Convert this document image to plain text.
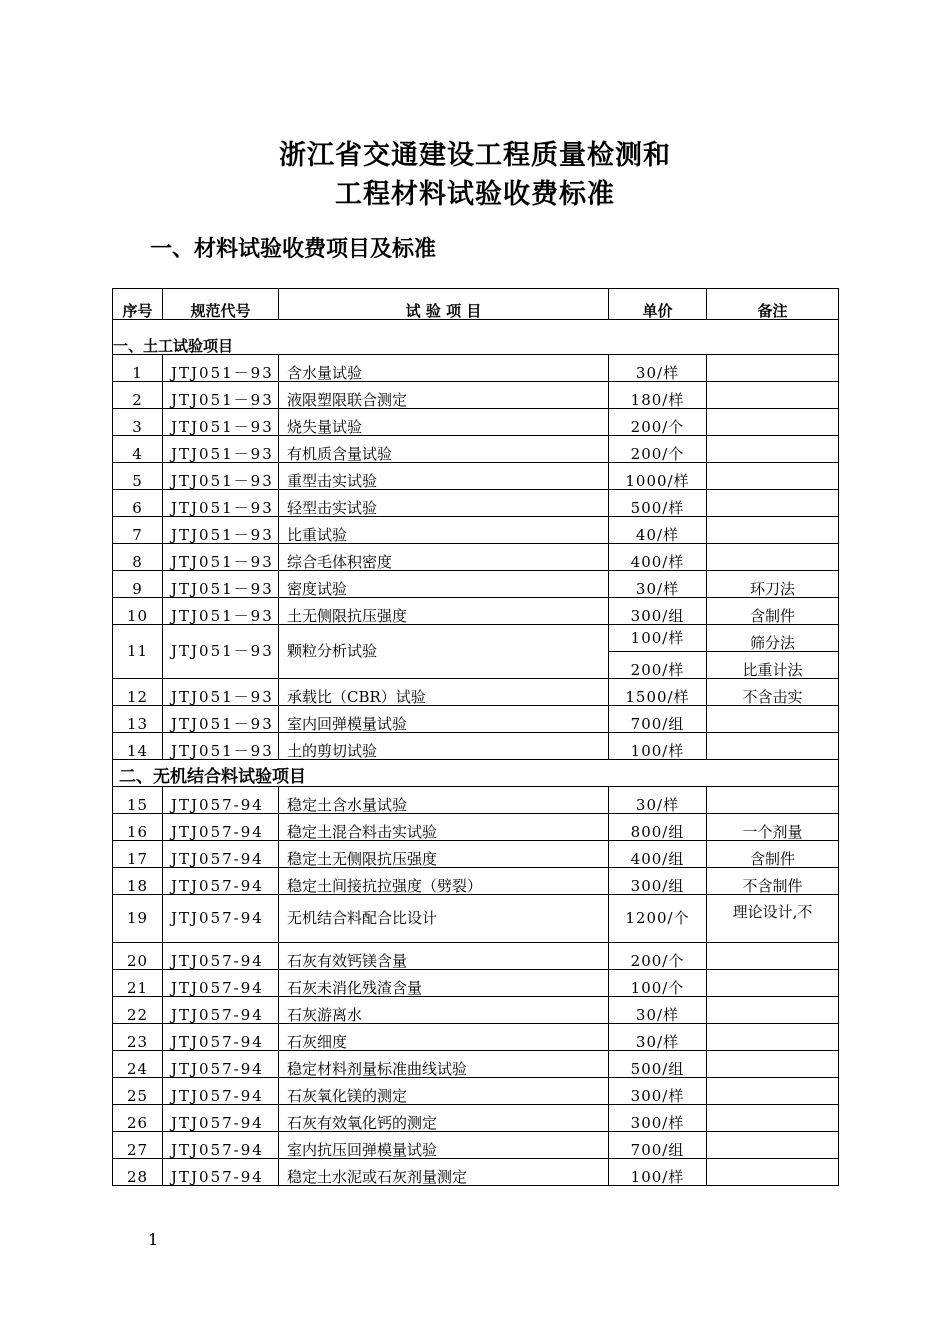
浙江省交通建设工程质量检测和
工程材料试验收费标准
一、材料试验收费项目及标准
序号	规范代号	试 验 项 目	单价	备注
一、土工试验项目				
1	JTJ051－93	含水量试验	30/样	
2	JTJ051－93	液限塑限联合测定	180/样	
3	JTJ051－93	烧失量试验	200/个	
4	JTJ051－93	有机质含量试验	200/个	
5	JTJ051－93	重型击实试验	1000/样	
6	JTJ051－93	轻型击实试验	500/样	
7	JTJ051－93	比重试验	40/样	
8	JTJ051－93	综合毛体积密度	400/样	
9	JTJ051－93	密度试验	30/样	环刀法
10	JTJ051－93	土无侧限抗压强度	300/组	含制件
11	JTJ051－93	颗粒分析试验	100/样	筛分法
			200/样	比重计法
12	JTJ051－93	承载比（CBR）试验	1500/样	不含击实
13	JTJ051－93	室内回弹模量试验	700/组	
14	JTJ051－93	土的剪切试验	100/样	
二、无机结合料试验项目				
15	JTJ057-94	稳定土含水量试验	30/样	
16	JTJ057-94	稳定土混合料击实试验	800/组	一个剂量
17	JTJ057-94	稳定土无侧限抗压强度	400/组	含制件
18	JTJ057-94	稳定土间接抗拉强度（劈裂）	300/组	不含制件
19	JTJ057-94	无机结合料配合比设计	1200/个	理论设计,不
20	JTJ057-94	石灰有效钙镁含量	200/个	
21	JTJ057-94	石灰未消化残渣含量	100/个	
22	JTJ057-94	石灰游离水	30/样	
23	JTJ057-94	石灰细度	30/样	
24	JTJ057-94	稳定材料剂量标准曲线试验	500/组	
25	JTJ057-94	石灰氧化镁的测定	300/样	
26	JTJ057-94	石灰有效氧化钙的测定	300/样	
27	JTJ057-94	室内抗压回弹模量试验	700/组	
28	JTJ057-94	稳定土水泥或石灰剂量测定	100/样	
1
